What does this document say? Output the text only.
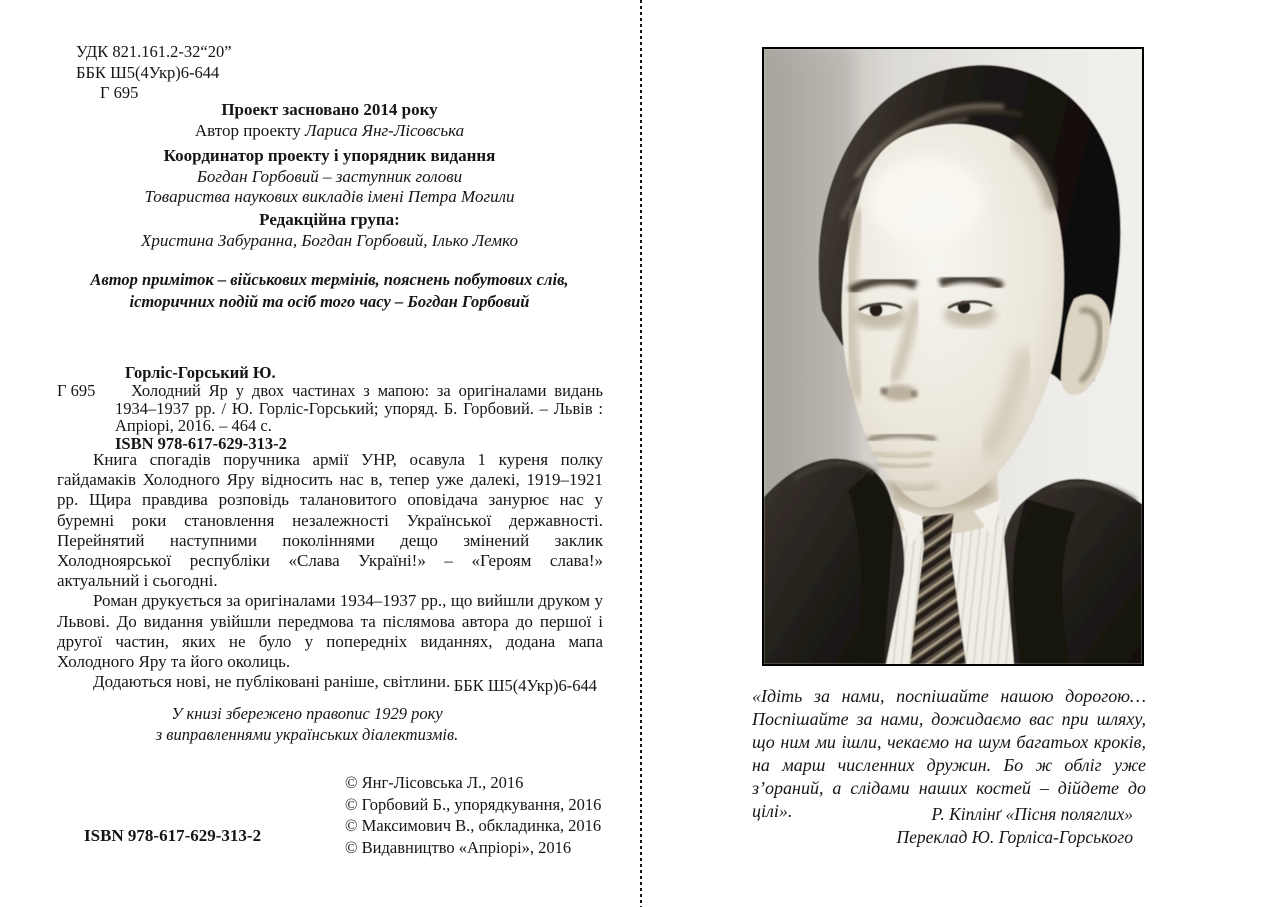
УДК 821.161.2-32“20”
ББК Ш5(4Укр)6-644
Г 695
Проект засновано 2014 року
Автор проекту Лариса Янг-Лісовська
Координатор проекту і упорядник видання
Богдан Горбовий – заступник голови
Товариства наукових викладів імені Петра Могили
Редакційна група:
Христина Забуранна, Богдан Горбовий, Ілько Лемко
Автор приміток – військових термінів, пояснень побутових слів,
історичних подій та осіб того часу – Богдан Горбовий
Горліс-Горський Ю.
Г 695	Холодний Яр у двох частинах з мапою: за оригіналами видань 1934–1937 рр. / Ю. Горліс-Горський; упоряд. Б. Горбовий. – Львів : Апріорі, 2016. – 464 с.
ISBN 978-617-629-313-2

Книга спогадів поручника армії УНР, осавула 1 куреня полку гайдамаків Холодного Яру відносить нас в, тепер уже далекі, 1919–1921 рр. Щира правдива розповідь талановитого оповідача занурює нас у буремні роки становлення незалежності Української державності. Перейнятий наступними поколіннями дещо змінений заклик Холодноярської республіки «Слава Україні!» – «Героям слава!» актуальний і сьогодні.

Роман друкується за оригіналами 1934–1937 рр., що вийшли друком у Львові. До видання увійшли передмова та післямова автора до першої і другої частин, яких не було у попередніх виданнях, додана мапа Холодного Яру та його околиць.

Додаються нові, не публіковані раніше, світлини. ББК Ш5(4Укр)6-644
У книзі збережено правопис 1929 року
з виправленнями українських діалектизмів.
© Янг-Лісовська Л., 2016
© Горбовий Б., упорядкування, 2016
© Максимович В., обкладинка, 2016
© Видавництво «Апріорі», 2016
ISBN 978-617-629-313-2
«Ідіть за нами, поспішайте нашою дорогою… Поспішайте за нами, дожидаємо вас при шляху, що ним ми ішли, чекаємо на шум багатьох кроків, на марш численних дружин. Бо ж обліг уже з’ораний, а слідами наших костей – дійдете до цілі».	Р. Кіплінґ «Пісня поляглих»
Переклад Ю. Горліса-Горського
